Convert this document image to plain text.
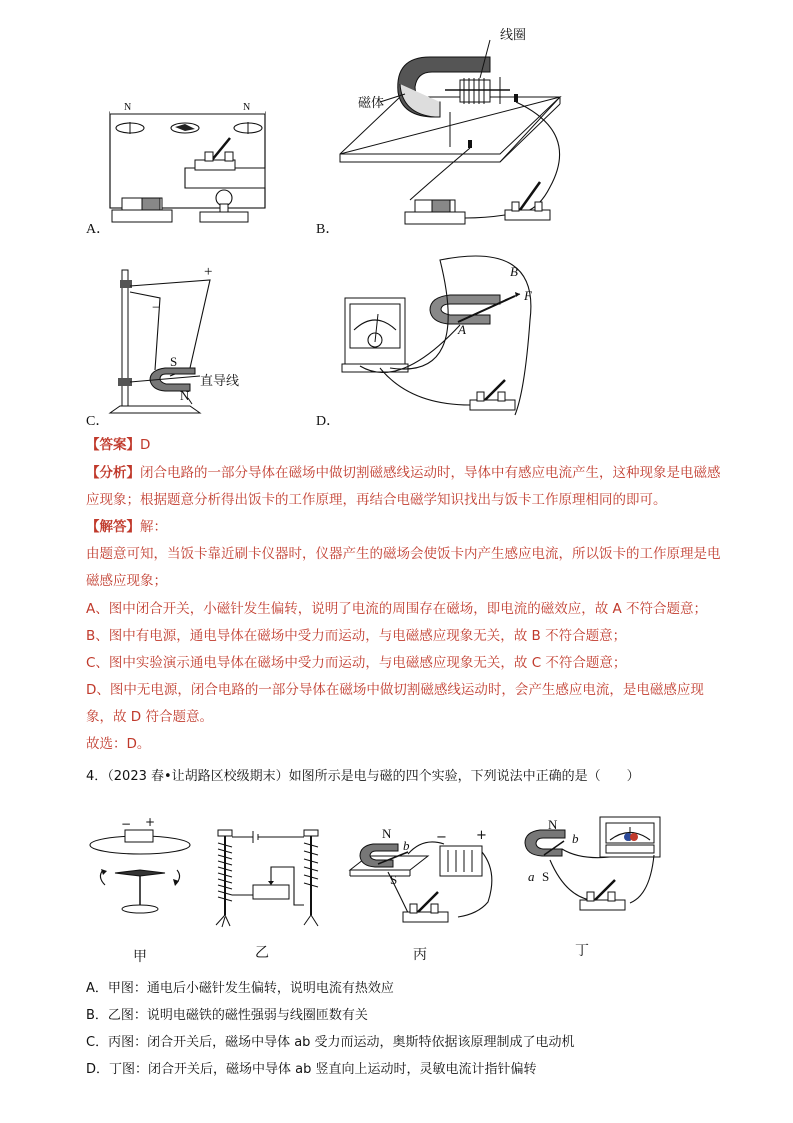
N	N
A．
线圈
磁体
B．
+
−
S
N
直导线
C．
B
F
A
D．
【答案】D
【分析】闭合电路的一部分导体在磁场中做切割磁感线运动时，导体中有感应电流产生，这种现象是电磁感应现象；根据题意分析得出饭卡的工作原理，再结合电磁学知识找出与饭卡工作原理相同的即可。
【解答】解：
由题意可知，当饭卡靠近刷卡仪器时，仪器产生的磁场会使饭卡内产生感应电流，所以饭卡的工作原理是电磁感应现象；
A、图中闭合开关，小磁针发生偏转，说明了电流的周围存在磁场，即电流的磁效应，故 A 不符合题意；
B、图中有电源，通电导体在磁场中受力而运动，与电磁感应现象无关，故 B 不符合题意；
C、图中实验演示通电导体在磁场中受力而运动，与电磁感应现象无关，故 C 不符合题意；
D、图中无电源，闭合电路的一部分导体在磁场中做切割磁感线运动时，会产生感应电流，是电磁感应现象，故 D 符合题意。
故选：D。
4．（2023 春•让胡路区校级期末）如图所示是电与磁的四个实验，下列说法中正确的是（　　）
− +
N
b
S
− +
N
b
a S
甲	乙	丙	丁
A．甲图：通电后小磁针发生偏转，说明电流有热效应
B．乙图：说明电磁铁的磁性强弱与线圈匝数有关
C．丙图：闭合开关后，磁场中导体 ab 受力而运动，奥斯特依据该原理制成了电动机
D．丁图：闭合开关后，磁场中导体 ab 竖直向上运动时，灵敏电流计指针偏转
